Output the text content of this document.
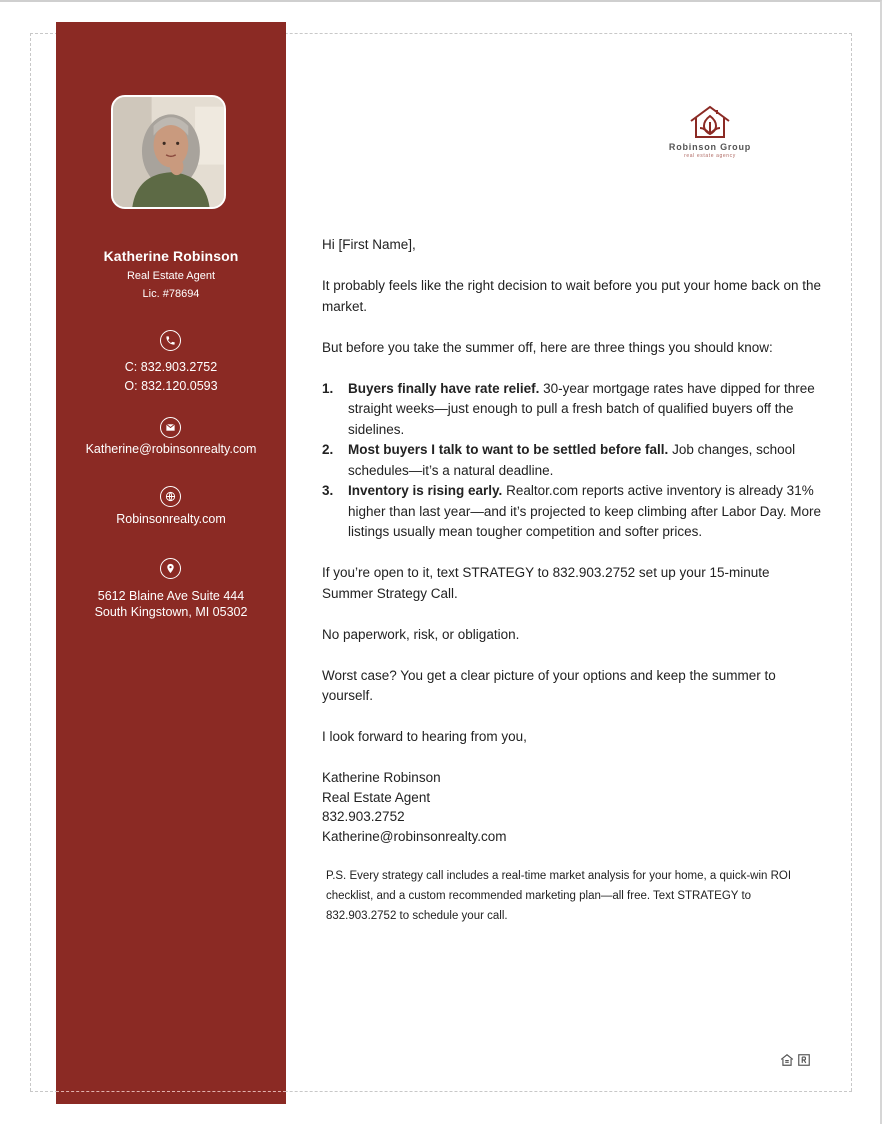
Katherine Robinson
Real Estate Agent
Lic. #78694
C: 832.903.2752
O: 832.120.0593
Katherine@robinsonrealty.com
Robinsonrealty.com
5612 Blaine Ave Suite 444
South Kingstown, MI 05302
Robinson Group
real estate agency

Hi [First Name],

It probably feels like the right decision to wait before you put your home back on the market.

But before you take the summer off, here are three things you should know:

1. Buyers finally have rate relief. 30-year mortgage rates have dipped for three straight weeks—just enough to pull a fresh batch of qualified buyers off the sidelines.
2. Most buyers I talk to want to be settled before fall. Job changes, school schedules—it’s a natural deadline.
3. Inventory is rising early. Realtor.com reports active inventory is already 31% higher than last year—and it’s projected to keep climbing after Labor Day. More listings usually mean tougher competition and softer prices.

If you’re open to it, text STRATEGY to 832.903.2752 set up your 15-minute Summer Strategy Call.

No paperwork, risk, or obligation.

Worst case? You get a clear picture of your options and keep the summer to yourself.

I look forward to hearing from you,

Katherine Robinson
Real Estate Agent
832.903.2752
Katherine@robinsonrealty.com
P.S. Every strategy call includes a real-time market analysis for your home, a quick-win ROI checklist, and a custom recommended marketing plan—all free. Text STRATEGY to 832.903.2752 to schedule your call.
